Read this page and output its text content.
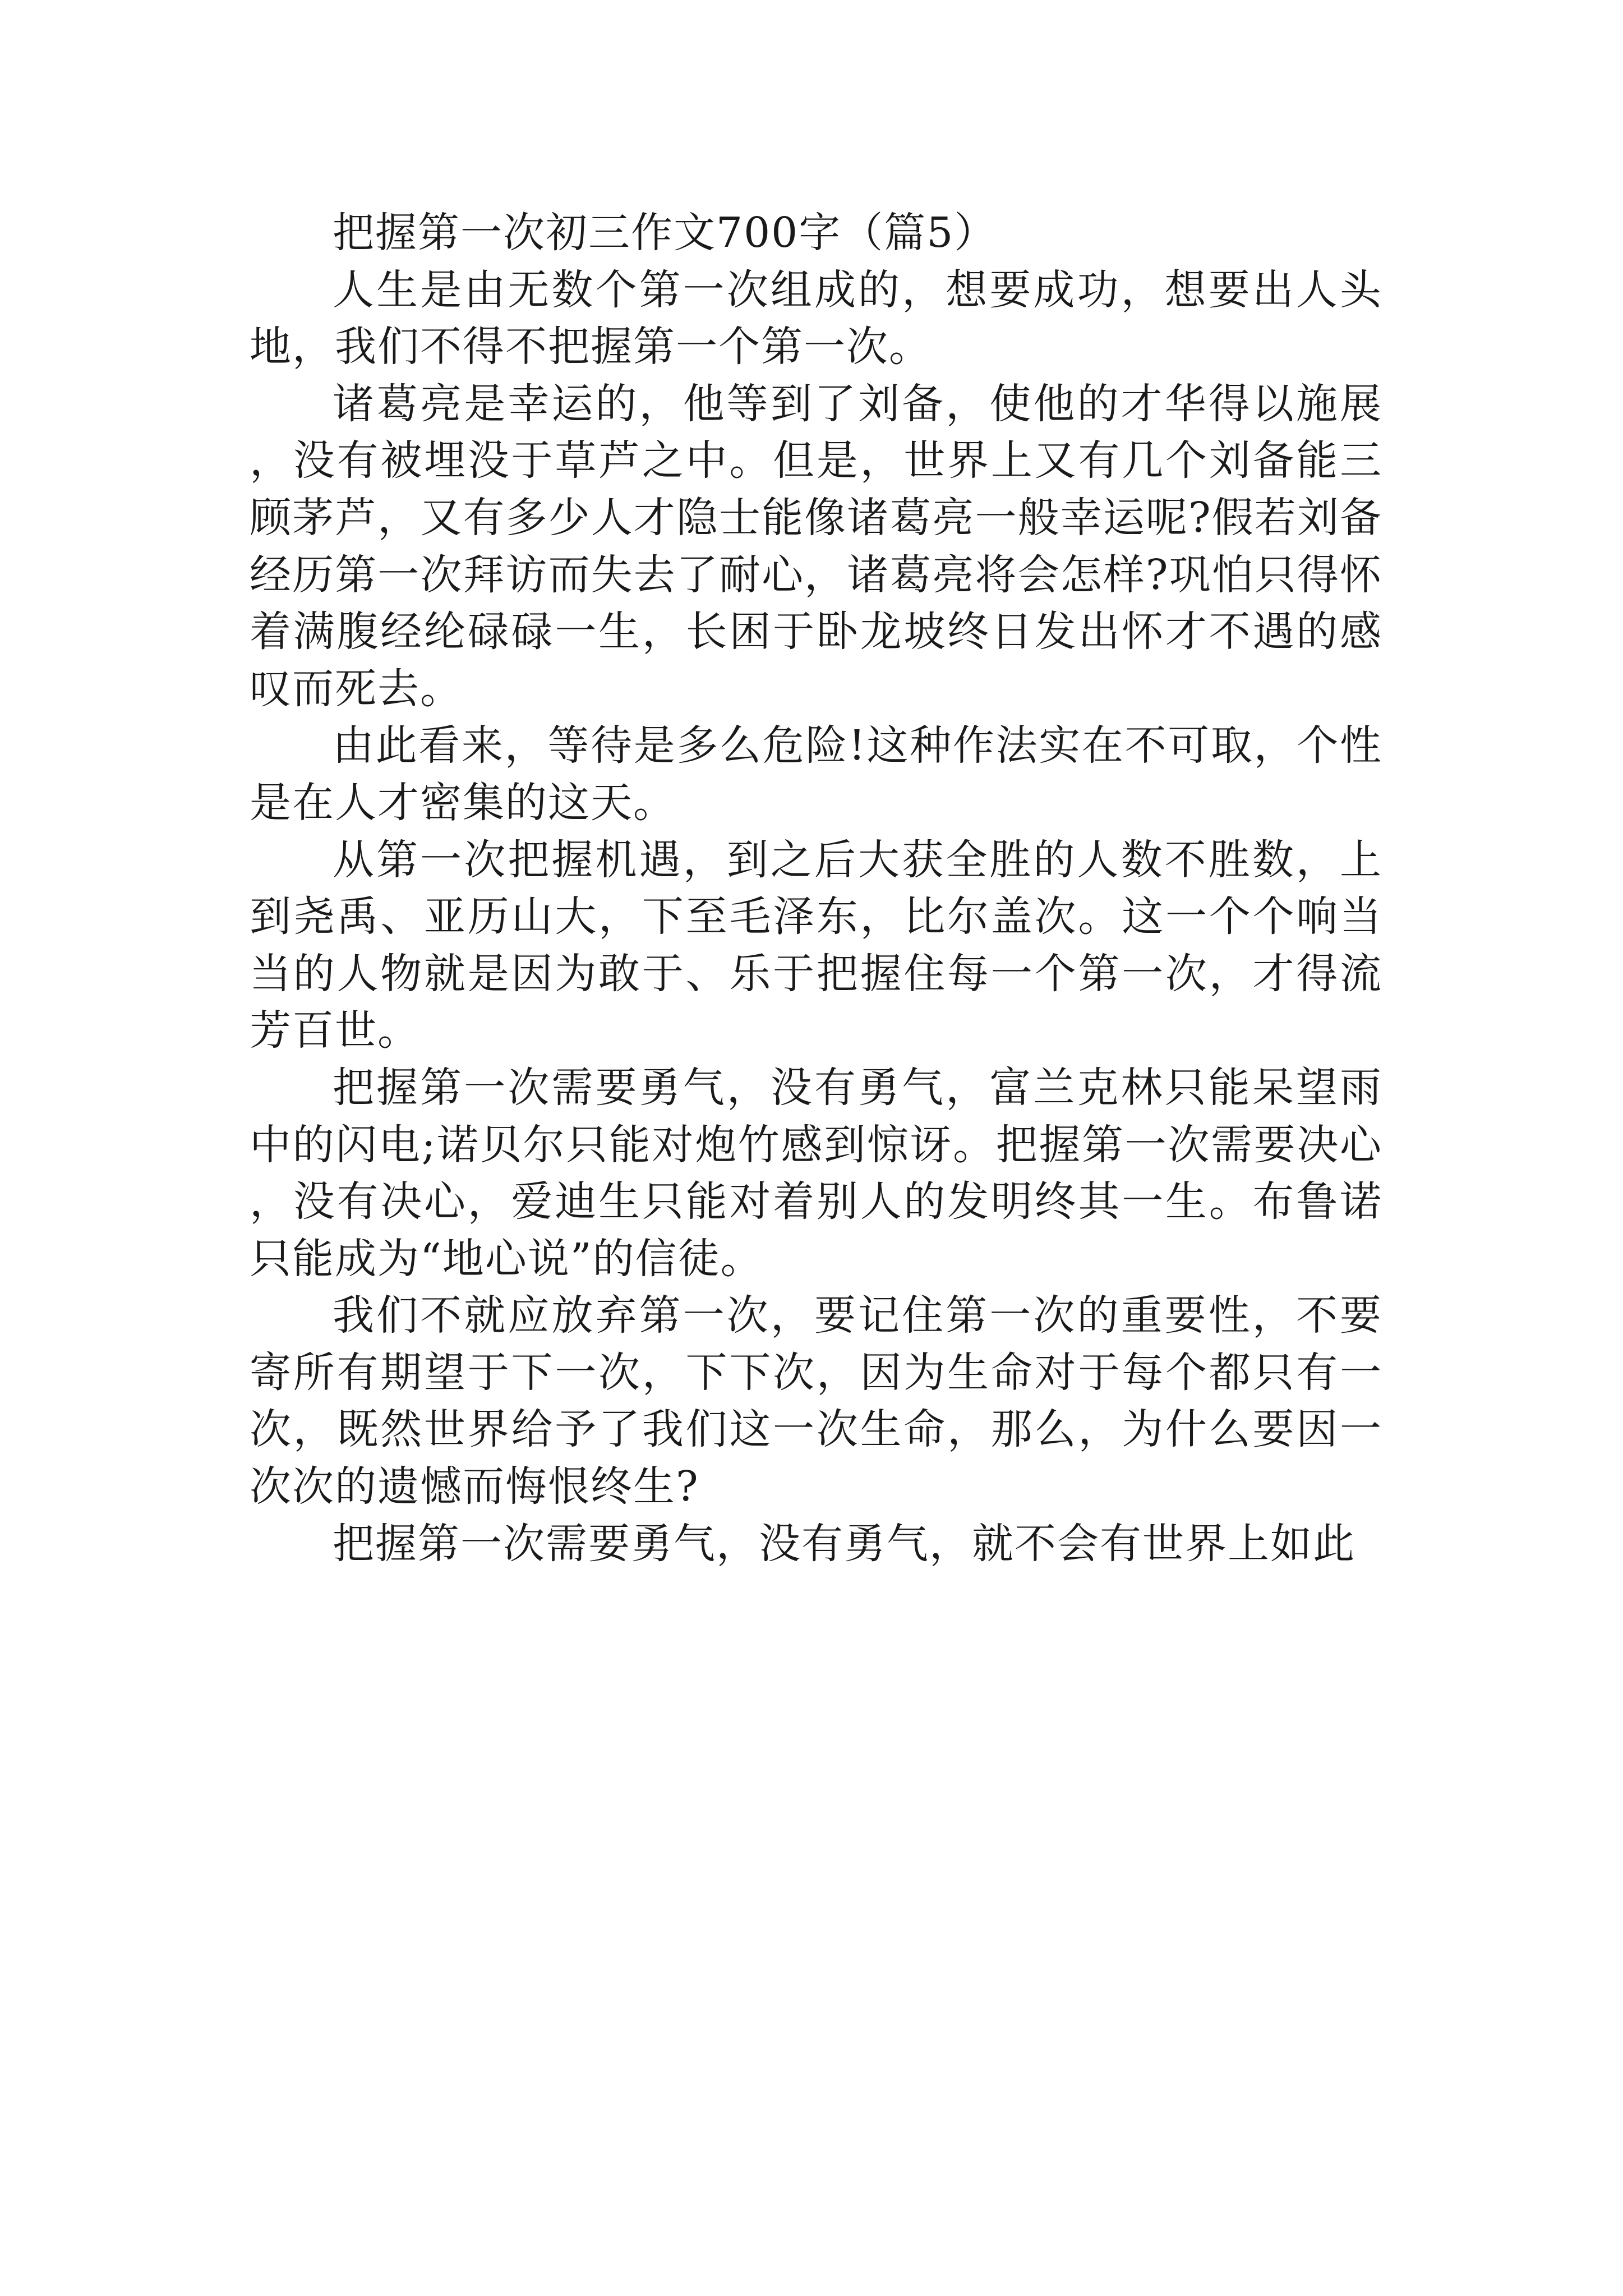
把握第一次初三作文700字（篇5）

人生是由无数个第一次组成的，想要成功，想要出人头地，我们不得不把握第一个第一次。

诸葛亮是幸运的，他等到了刘备，使他的才华得以施展，没有被埋没于草芦之中。但是，世界上又有几个刘备能三顾茅芦，又有多少人才隐士能像诸葛亮一般幸运呢?假若刘备经历第一次拜访而失去了耐心，诸葛亮将会怎样?巩怕只得怀着满腹经纶碌碌一生，长困于卧龙坡终日发出怀才不遇的感叹而死去。

由此看来，等待是多么危险!这种作法实在不可取，个性是在人才密集的这天。

从第一次把握机遇，到之后大获全胜的人数不胜数，上到尧禹、亚历山大，下至毛泽东，比尔盖次。这一个个响当当的人物就是因为敢于、乐于把握住每一个第一次，才得流芳百世。

把握第一次需要勇气，没有勇气，富兰克林只能呆望雨中的闪电;诺贝尔只能对炮竹感到惊讶。把握第一次需要决心，没有决心，爱迪生只能对着别人的发明终其一生。布鲁诺只能成为“地心说”的信徒。

我们不就应放弃第一次，要记住第一次的重要性，不要寄所有期望于下一次，下下次，因为生命对于每个都只有一次，既然世界给予了我们这一次生命，那么，为什么要因一次次的遗憾而悔恨终生?

把握第一次需要勇气，没有勇气，就不会有世界上如此
